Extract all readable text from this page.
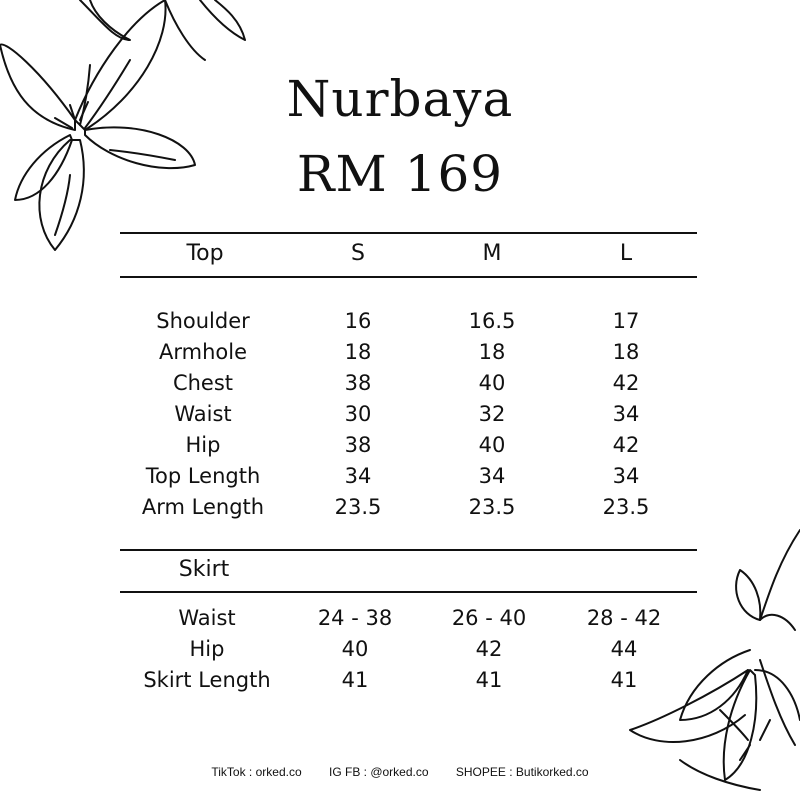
Nurbaya
RM 169
Top	S	M	L
Shoulder	16	16.5	17
Armhole	18	18	18
Chest	38	40	42
Waist	30	32	34
Hip	38	40	42
Top Length	34	34	34
Arm Length	23.5	23.5	23.5
Skirt
Waist	24 - 38	26 - 40	28 - 42
Hip	40	42	44
Skirt Length	41	41	41
TikTok : orked.co IG FB : @orked.co SHOPEE : Butikorked.co
